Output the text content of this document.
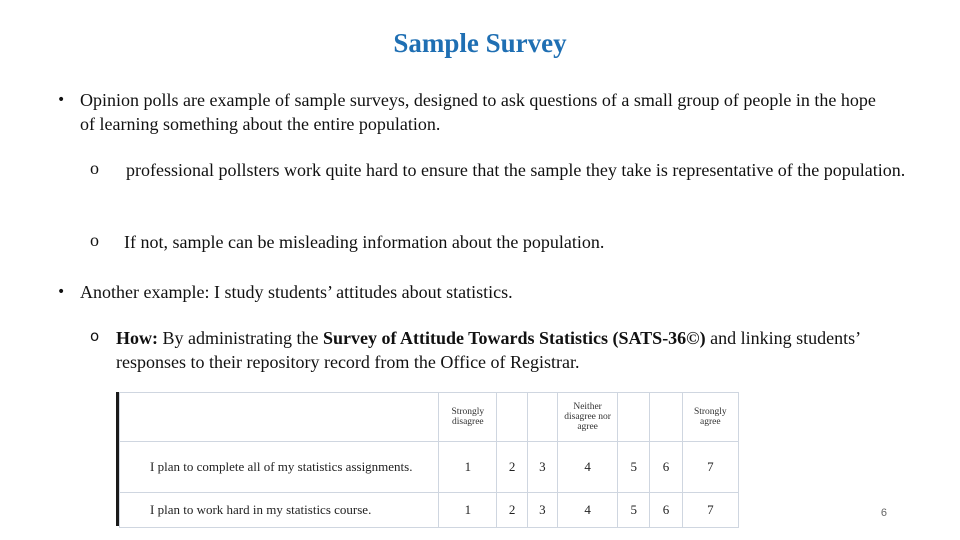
Sample Survey
• Opinion polls are example of sample surveys, designed to ask questions of a small group of people in the hope of learning something about the entire population.
o	professional pollsters work quite hard to ensure that the sample they take is representative of the population.
o If not, sample can be misleading information about the population.
• Another example: I study students’ attitudes about statistics.
o How: By administrating the Survey of Attitude Towards Statistics (SATS-36©) and linking students’ responses to their repository record from the Office of Registrar.
	Strongly disagree			Neither disagree nor agree			Strongly agree
I plan to complete all of my statistics assignments.	1	2	3	4	5	6	7
I plan to work hard in my statistics course.	1	2	3	4	5	6	7	6
